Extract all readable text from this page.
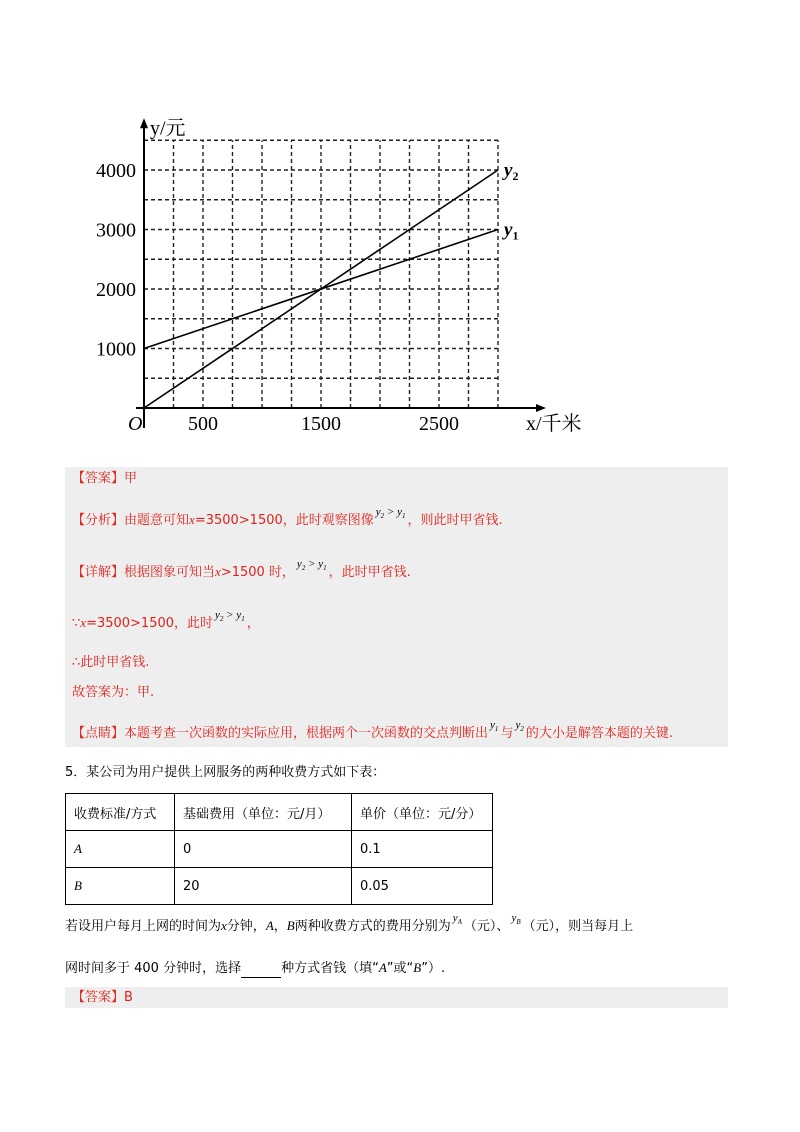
1000
2000
3000
4000
500	1500	2500
O
y/元
x/千米
$y_1$
$y_2$
【答案】甲
【分析】由题意可知x=3500>1500，此时观察图像$^{y_2 > y_1}$ ，则此时甲省钱.
【详解】根据图象可知当x>1500 时，$^{y_2 > y_1}$ ，此时甲省钱.
∵x=3500>1500，此时$^{y_2 > y_1}$ ，
∴此时甲省钱.
故答案为：甲.
【点睛】本题考查一次函数的实际应用，根据两个一次函数的交点判断出$^{y_1}$ 与$^{y_2}$ 的大小是解答本题的关键.
5．某公司为用户提供上网服务的两种收费方式如下表：
收费标准/方式	基础费用（单位：元/月）	单价（单位：元/分）
A	0	0.1
B	20	0.05
若设用户每月上网的时间为x分钟，A，B两种收费方式的费用分别为$^{y_A}$ （元）、$^{y_B}$ （元），则当每月上
网时间多于 400 分钟时，选择	种方式省钱（填“A”或“B”）.
【答案】B
